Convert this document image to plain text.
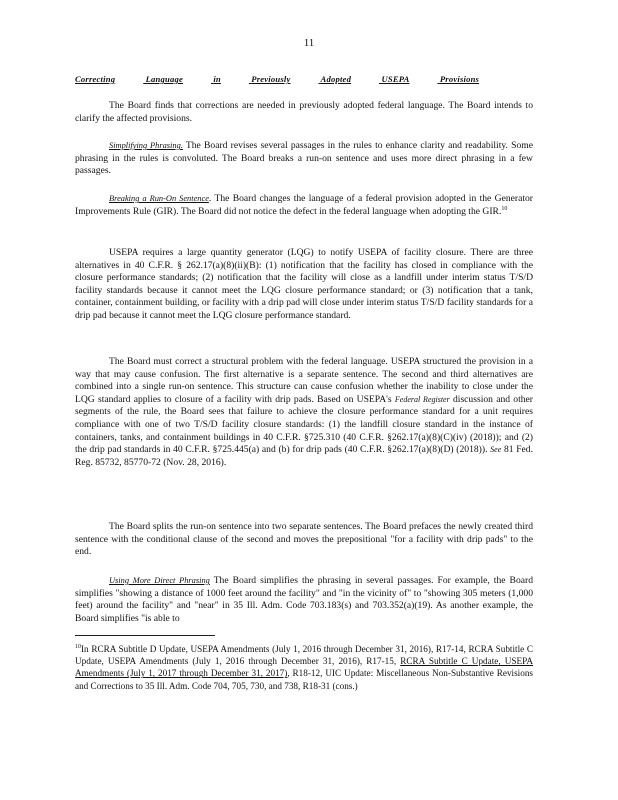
11
Correcting	Language	in	Previously	Adopted	USEPA	Provisions

The Board finds that corrections are needed in previously adopted federal language. The Board intends to clarify the affected provisions.

Simplifying Phrasing. The Board revises several passages in the rules to enhance clarity and readability. Some phrasing in the rules is convoluted. The Board breaks a run-on sentence and uses more direct phrasing in a few passages.

Breaking a Run-On Sentence. The Board changes the language of a federal provision adopted in the Generator Improvements Rule (GIR). The Board did not notice the defect in the federal language when adopting the GIR.$^{10}$

USEPA requires a large quantity generator (LQG) to notify USEPA of facility closure. There are three alternatives in 40 C.F.R. § 262.17(a)(8)(ii)(B): (1) notification that the facility has closed in compliance with the closure performance standards; (2) notification that the facility will close as a landfill under interim status T/S/D facility standards because it cannot meet the LQG closure performance standard; or (3) notification that a tank, container, containment building, or facility with a drip pad will close under interim status T/S/D facility standards for a drip pad because it cannot meet the LQG closure performance standard.

The Board must correct a structural problem with the federal language. USEPA structured the provision in a way that may cause confusion. The first alternative is a separate sentence. The second and third alternatives are combined into a single run-on sentence. This structure can cause confusion whether the inability to close under the LQG standard applies to closure of a facility with drip pads. Based on USEPA's Federal Register discussion and other segments of the rule, the Board sees that failure to achieve the closure performance standard for a unit requires compliance with one of two T/S/D facility closure standards: (1) the landfill closure standard in the instance of containers, tanks, and containment buildings in 40 C.F.R. §725.310 (40 C.F.R. §262.17(a)(8)(C)(iv) (2018)); and (2) the drip pad standards in 40 C.F.R. §725.445(a) and (b) for drip pads (40 C.F.R. §262.17(a)(8)(D) (2018)). See 81 Fed. Reg. 85732, 85770-72 (Nov. 28, 2016).

The Board splits the run-on sentence into two separate sentences. The Board prefaces the newly created third sentence with the conditional clause of the second and moves the prepositional "for a facility with drip pads" to the end.

Using More Direct Phrasing The Board simplifies the phrasing in several passages. For example, the Board simplifies "showing a distance of 1000 feet around the facility" and "in the vicinity of" to "showing 305 meters (1,000 feet) around the facility" and "near" in 35 Ill. Adm. Code 703.183(s) and 703.352(a)(19). As another example, the Board simplifies "is able to

$^{10}$In RCRA Subtitle D Update, USEPA Amendments (July 1, 2016 through December 31, 2016), R17-14, RCRA Subtitle C Update, USEPA Amendments (July 1, 2016 through December 31, 2016), R17-15, RCRA Subtitle C Update, USEPA Amendments (July 1, 2017 through December 31, 2017), R18-12, UIC Update: Miscellaneous Non-Substantive Revisions and Corrections to 35 Ill. Adm. Code 704, 705, 730, and 738, R18-31 (cons.)
